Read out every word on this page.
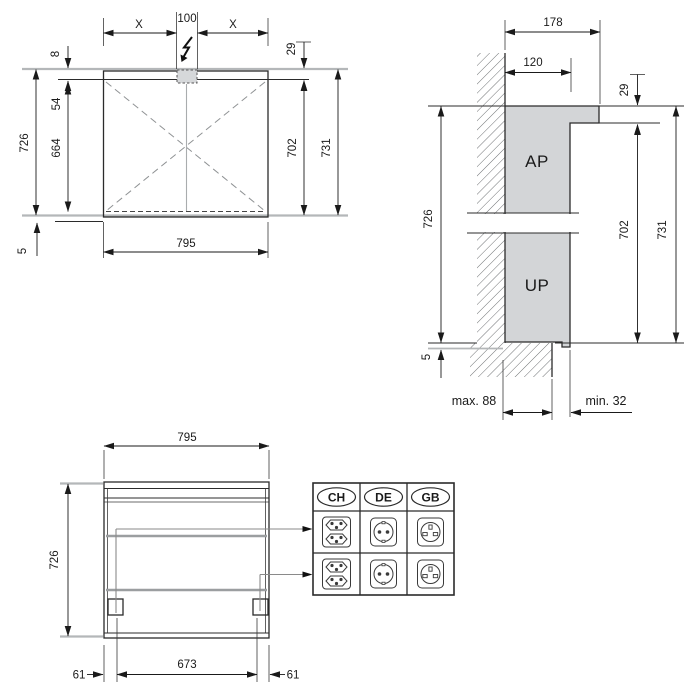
X	100	X
726
8
54
664
5
29
702 731
795
AP
UP
178
120
29
702 731
726
5
max. 88	min. 32
795
726
61
673
61
CH DE GB
